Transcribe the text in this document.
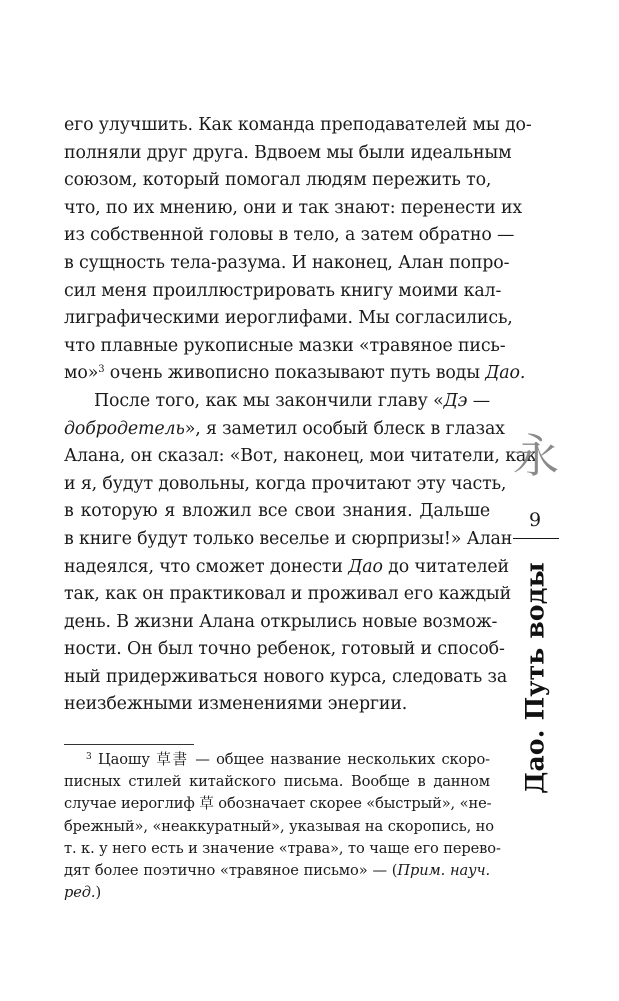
его улучшить. Как команда преподавателей мы до-
полняли друг друга. Вдвоем мы были идеальным
союзом, который помогал людям пережить то,
что, по их мнению, они и так знают: перенести их
из собственной головы в тело, а затем обратно —
в сущность тела-разума. И наконец, Алан попро-
сил меня проиллюстрировать книгу моими кал-
лиграфическими иероглифами. Мы согласились,
что плавные рукописные мазки «травяное пись-
мо»$^3$ очень живописно показывают путь воды Дао.
После того, как мы закончили главу «Дэ —
добродетель», я заметил особый блеск в глазах
Алана, он сказал: «Вот, наконец, мои читатели, как
и я, будут довольны, когда прочитают эту часть,
в которую я вложил все свои знания. Дальше
в книге будут только веселье и сюрпризы!» Алан
надеялся, что сможет донести Дао до читателей
так, как он практиковал и проживал его каждый
день. В жизни Алана открылись новые возмож-
ности. Он был точно ребенок, готовый и способ-
ный придерживаться нового курса, следовать за
неизбежными изменениями энергии.
$^3$ Цаошу 草書 — общее название нескольких скоро-
писных стилей китайского письма. Вообще в данном
случае иероглиф 草 обозначает скорее «быстрый», «не-
брежный», «неаккуратный», указывая на скоропись, но
т. к. у него есть и значение «трава», то чаще его перево-
дят более поэтично «травяное письмо» — (Прим. науч.
ред.)
永
9
Дао. Путь воды
